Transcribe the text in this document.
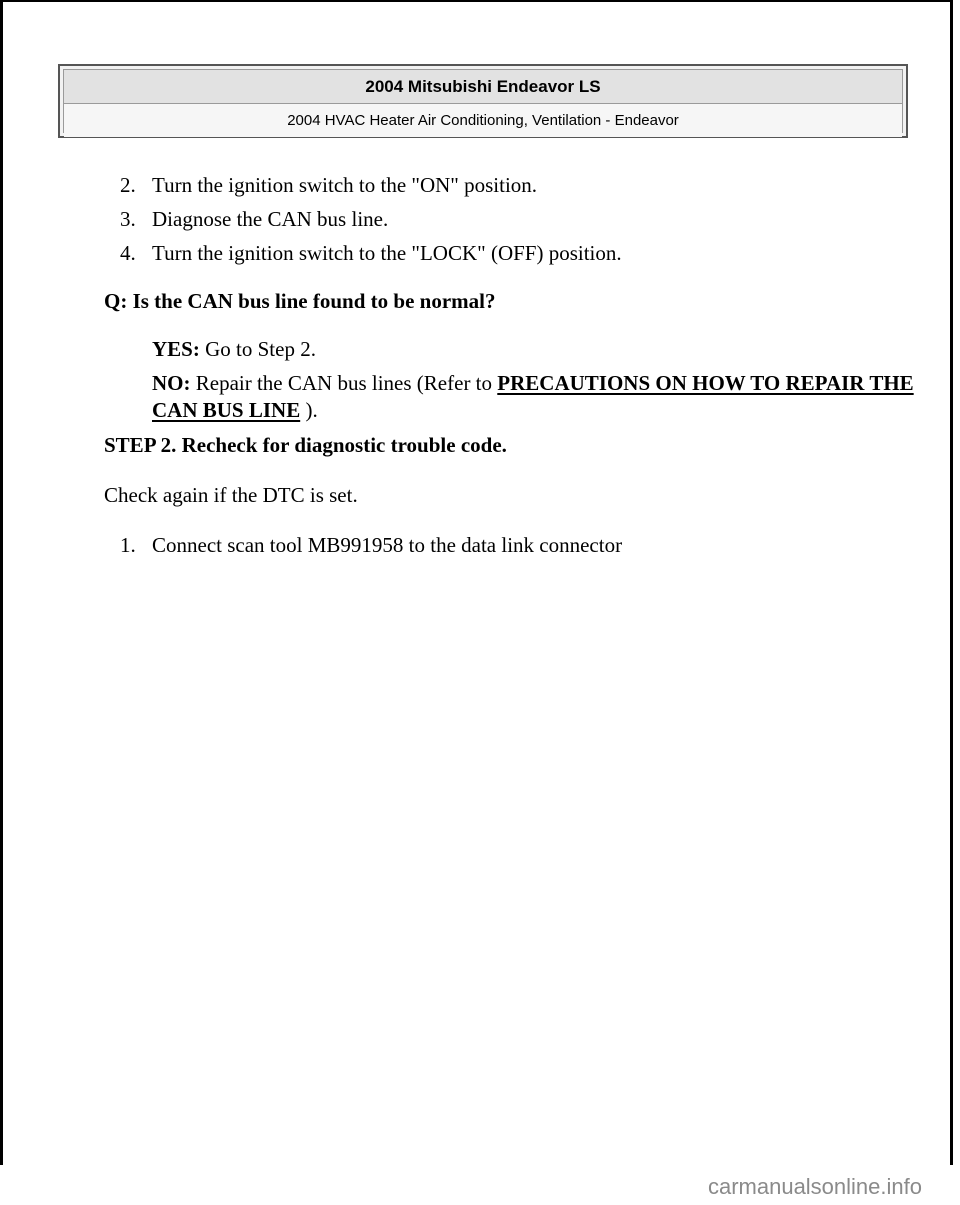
2004 Mitsubishi Endeavor LS
2004 HVAC Heater Air Conditioning, Ventilation - Endeavor
2. Turn the ignition switch to the "ON" position.
3. Diagnose the CAN bus line.
4. Turn the ignition switch to the "LOCK" (OFF) position.
Q: Is the CAN bus line found to be normal?
YES: Go to Step 2.
NO: Repair the CAN bus lines (Refer to PRECAUTIONS ON HOW TO REPAIR THE CAN BUS LINE ).
STEP 2. Recheck for diagnostic trouble code.
Check again if the DTC is set.
1. Connect scan tool MB991958 to the data link connector
carmanualsonline.info
